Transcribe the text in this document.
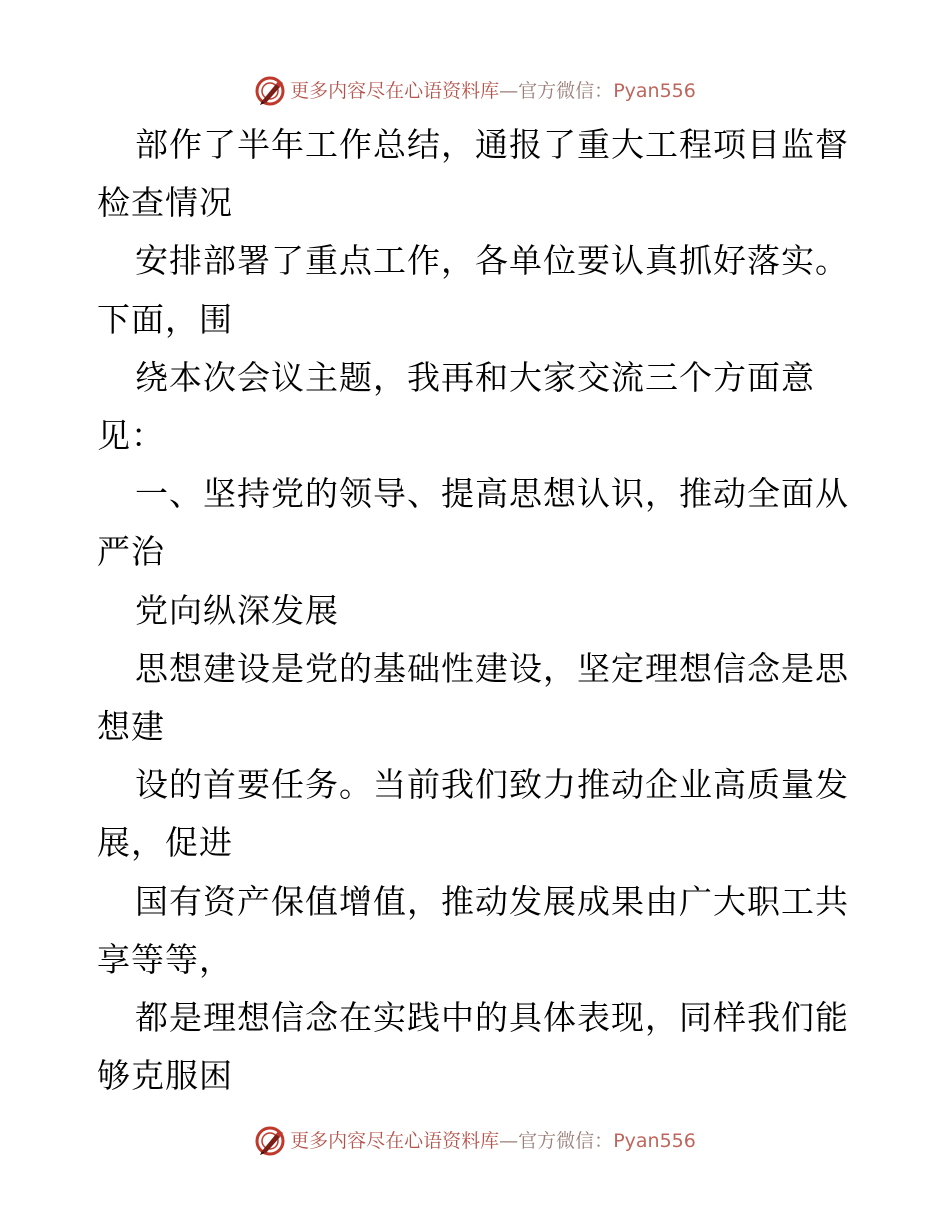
更多内容尽在心语资料库—官方微信：Pyan556

部作了半年工作总结，通报了重大工程项目监督检查情况

安排部署了重点工作，各单位要认真抓好落实。下面，围

绕本次会议主题，我再和大家交流三个方面意见：

一、坚持党的领导、提高思想认识，推动全面从严治

党向纵深发展

思想建设是党的基础性建设，坚定理想信念是思想建

设的首要任务。当前我们致力推动企业高质量发展，促进

国有资产保值增值，推动发展成果由广大职工共享等等，

都是理想信念在实践中的具体表现，同样我们能够克服困

更多内容尽在心语资料库—官方微信：Pyan556
